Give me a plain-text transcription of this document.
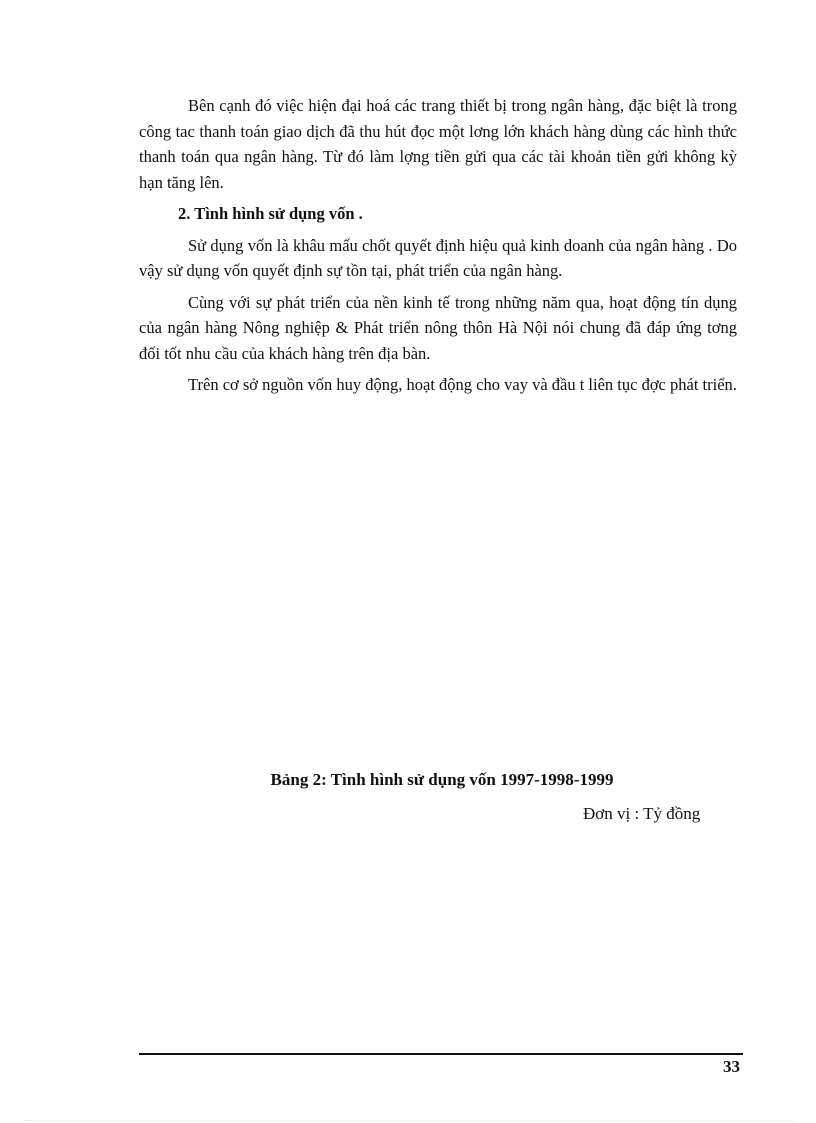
Bên cạnh đó việc hiện đại hoá các trang thiết bị trong ngân hàng, đặc biệt là trong công tac thanh toán giao dịch đã thu hút đọc một lơng lớn khách hàng dùng các hình thức thanh toán qua ngân hàng. Từ đó làm lợng tiền gửi qua các tài khoản tiền gửi không kỳ hạn tăng lên.

2. Tình hình sử dụng vốn .

Sử dụng vốn là khâu mấu chốt quyết định hiệu quả kinh doanh của ngân hàng . Do vậy sử dụng vốn quyết định sự tồn tại, phát triển của ngân hàng.

Cùng với sự phát triển của nền kinh tế trong những năm qua, hoạt động tín dụng của ngân hàng Nông nghiệp & Phát triển nông thôn Hà Nội nói chung đã đáp ứng tơng đối tốt nhu cầu của khách hàng trên địa bàn.

Trên cơ sở nguồn vốn huy động, hoạt động cho vay và đầu t liên tục đợc phát triển.

Bảng 2: Tình hình sử dụng vốn 1997-1998-1999
Đơn vị : Tỷ đồng
33
